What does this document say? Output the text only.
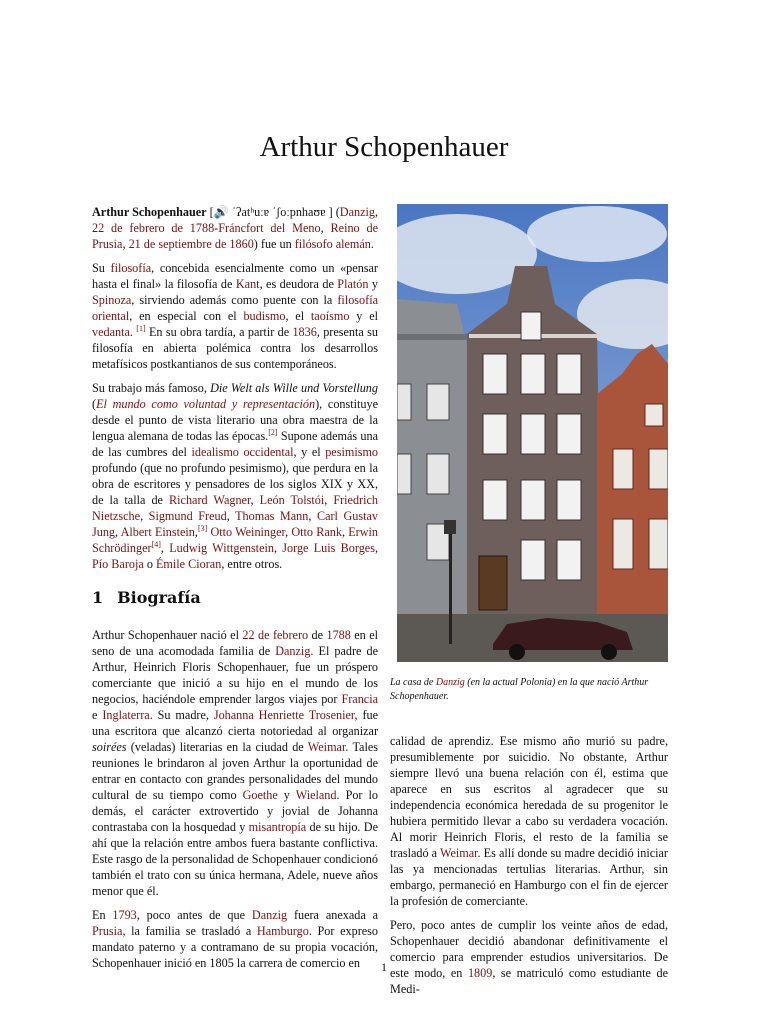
Arthur Schopenhauer

Arthur Schopenhauer [🔊 ˈʔatʰuːɐ ˈʃoːpnhaʊɐ ] (Danzig, 22 de febrero de 1788-Fráncfort del Meno, Reino de Prusia, 21 de septiembre de 1860) fue un filósofo alemán.

Su filosofía, concebida esencialmente como un «pensar hasta el final» la filosofía de Kant, es deudora de Platón y Spinoza, sirviendo además como puente con la filosofía oriental, en especial con el budismo, el taoísmo y el vedanta. [1] En su obra tardía, a partir de 1836, presenta su filosofía en abierta polémica contra los desarrollos metafísicos postkantianos de sus contemporáneos.

Su trabajo más famoso, Die Welt als Wille und Vorstellung (El mundo como voluntad y representación), constituye desde el punto de vista literario una obra maestra de la lengua alemana de todas las épocas.[2] Supone además una de las cumbres del idealismo occidental, y el pesimismo profundo (que no profundo pesimismo), que perdura en la obra de escritores y pensadores de los siglos XIX y XX, de la talla de Richard Wagner, León Tolstói, Friedrich Nietzsche, Sigmund Freud, Thomas Mann, Carl Gustav Jung, Albert Einstein,[3] Otto Weininger, Otto Rank, Erwin Schrödinger[4], Ludwig Wittgenstein, Jorge Luis Borges, Pío Baroja o Émile Cioran, entre otros.

1 Biografía

Arthur Schopenhauer nació el 22 de febrero de 1788 en el seno de una acomodada familia de Danzig. El padre de Arthur, Heinrich Floris Schopenhauer, fue un próspero comerciante que inició a su hijo en el mundo de los negocios, haciéndole emprender largos viajes por Francia e Inglaterra. Su madre, Johanna Henriette Trosenier, fue una escritora que alcanzó cierta notoriedad al organizar soirées (veladas) literarias en la ciudad de Weimar. Tales reuniones le brindaron al joven Arthur la oportunidad de entrar en contacto con grandes personalidades del mundo cultural de su tiempo como Goethe y Wieland. Por lo demás, el carácter extrovertido y jovial de Johanna contrastaba con la hosquedad y misantropía de su hijo. De ahí que la relación entre ambos fuera bastante conflictiva. Este rasgo de la personalidad de Schopenhauer condicionó también el trato con su única hermana, Adele, nueve años menor que él.

En 1793, poco antes de que Danzig fuera anexada a Prusia, la familia se trasladó a Hamburgo. Por expreso mandato paterno y a contramano de su propia vocación, Schopenhauer inició en 1805 la carrera de comercio en

La casa de Danzig (en la actual Polonia) en la que nació Arthur Schopenhauer.

calidad de aprendiz. Ese mismo año murió su padre, presumiblemente por suicidio. No obstante, Arthur siempre llevó una buena relación con él, estima que aparece en sus escritos al agradecer que su independencia económica heredada de su progenitor le hubiera permitido llevar a cabo su verdadera vocación. Al morir Heinrich Floris, el resto de la familia se trasladó a Weimar. Es allí donde su madre decidió iniciar las ya mencionadas tertulias literarias. Arthur, sin embargo, permaneció en Hamburgo con el fin de ejercer la profesión de comerciante.

Pero, poco antes de cumplir los veinte años de edad, Schopenhauer decidió abandonar definitivamente el comercio para emprender estudios universitarios. De este modo, en 1809, se matriculó como estudiante de Medi-

1
